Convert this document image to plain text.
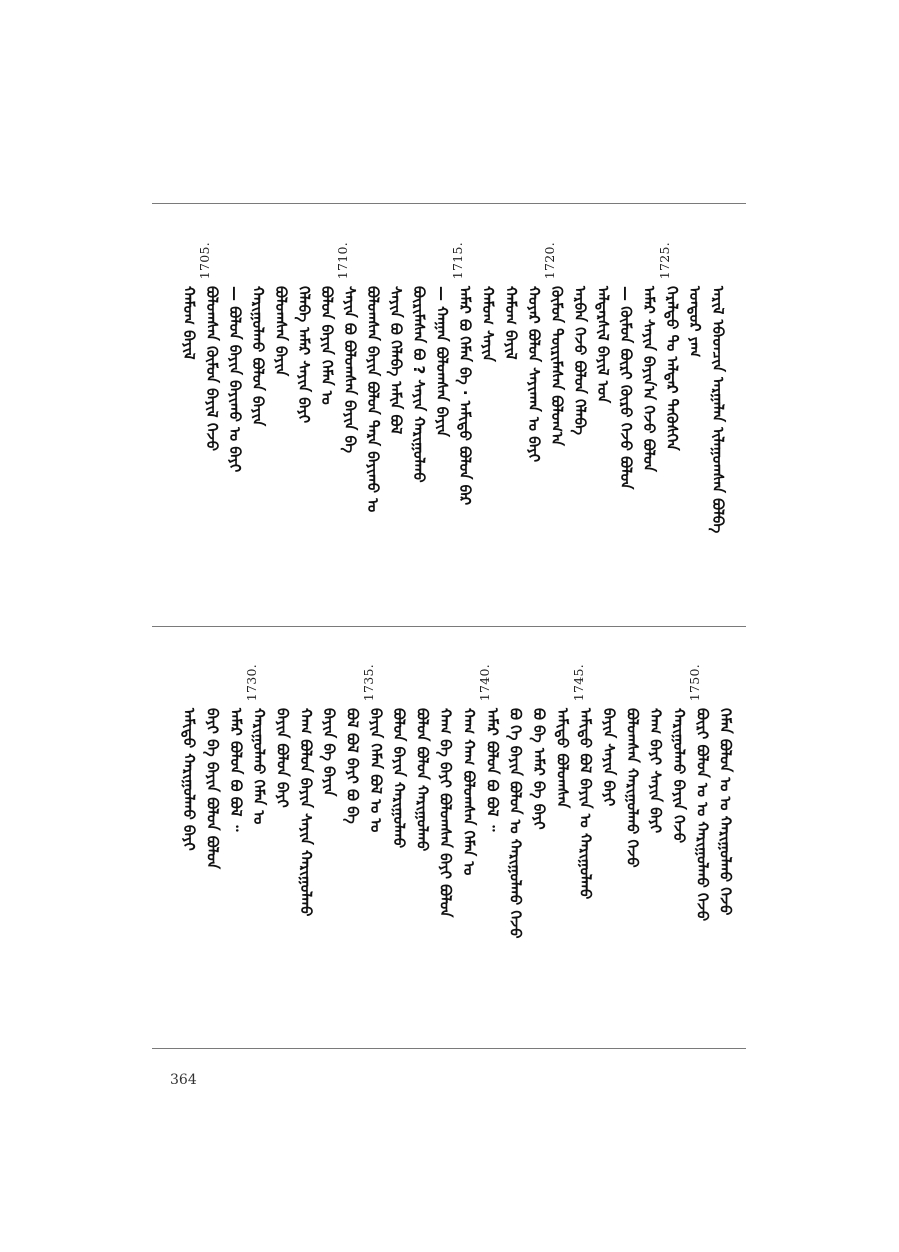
ᠠᠷᠢᠯ ᠡᠪᠡᠳᠴᠢᠨ ᠠᠷᠭᠠᠯᠠᠨ ᠢᠯᠠᠭᠤᠭᠰᠠᠨ ᠪᠣᠯᠪᠠ
ᠤᠨᠳᠤᠷ ᠶᠠᠭ
1725.
ᠭᠡᠷᠡᠯᠲᠦ ᠲᠤ ᠠᠯᠳᠠᠷ ᠲᠡᠭᠦᠰᠬᠡᠨ
ᠠᠮᠠᠷ ᠰᠠᠶᠢᠨ ᠪᠠᠶᠢᠨ᠎ᠠ ᠭᠡᠵᠦ ᠪᠣᠯᠣᠨ
— ᠬᠦᠮᠦᠨ ᠪᠦᠷᠢ ᠬᠦᠷᠦ ᠭᠡᠵᠦ ᠪᠣᠯᠣᠨ
ᠠᠯᠳᠠᠷᠰᠢᠯ ᠪᠠᠶᠢᠯ ᠤᠨ
ᠠᠷᠪᠠᠨ ᠭᠡᠵᠦ ᠪᠣᠯᠣᠨ ᠬᠡᠯᠡᠪᠡ
1720.
ᠬᠦᠮᠦᠨ ᠲᠦᠷᠢᠮᠡᠰᠡᠨ ᠪᠣᠯᠤᠭ᠎ᠠ
ᠬᠣᠶᠠᠷ ᠪᠣᠯᠤᠨ ᠰᠠᠶᠢᠬᠠᠨ ᠤ ᠪᠠᠶᠢ
ᠬᠠᠮᠤᠭ ᠪᠠᠶᠢᠯ
ᠬᠠᠮᠤᠭ ᠰᠠᠶᠢᠨ
1715.
ᠠᠮᠠᠷ ᠪᠣ ᠬᠡᠮᠡᠨ ᠪᠠ · ᠠᠮᠢᠳᠤ ᠪᠣᠯᠣᠨ ᠪᠡᠷ
— ᠬᠠᠭᠠᠨ ᠪᠣᠯᠣᠭᠰᠠᠨ ᠪᠠᠶᠢᠨ
ᠪᠦᠷᠢᠮᠡᠰᠡᠨ ᠪᠣ ? ᠰᠠᠶᠢᠨ ᠬᠠᠷᠢᠭᠤᠯᠬᠤ
ᠰᠠᠶᠢᠨ ᠪᠣ ᠬᠡᠯᠡᠪᠡ ᠠᠮᠢᠨ ᠪᠣᠯ
ᠪᠣᠯᠤᠭᠰᠠᠨ ᠪᠠᠶᠢᠨ ᠪᠣᠯᠣᠨ ᠲᠡᠷᠡ ᠪᠠᠶᠢᠬᠤ ᠤ
1710.
ᠰᠠᠶᠢᠨ ᠪᠣ ᠪᠣᠯᠣᠭᠰᠠᠨ ᠪᠠᠶᠢᠨ ᠪᠠ
ᠪᠣᠯᠤᠨ ᠪᠠᠶᠢᠨ ᠬᠡᠮᠡᠨ ᠤ
ᠬᠡᠯᠡᠪᠡ ᠠᠮᠠᠷ ᠰᠠᠶᠢᠨ ᠪᠠᠶᠢ
ᠪᠣᠯᠣᠭᠰᠠᠨ ᠪᠠᠶᠢᠨ
ᠬᠠᠷᠢᠭᠤᠯᠬᠤ ᠪᠣᠯᠣᠨ ᠪᠠᠶᠢᠨ
— ᠪᠣᠯᠣᠨ ᠪᠠᠶᠢᠨ ᠪᠠᠶᠢᠬᠤ ᠤ ᠪᠠᠶᠢ
1705.
ᠪᠣᠯᠤᠭᠰᠠᠨ ᠬᠦᠮᠦᠨ ᠪᠠᠶᠢᠯ ᠭᠡᠵᠦ
ᠬᠠᠮᠤᠭ ᠪᠠᠶᠢᠯ
ᠬᠡᠮᠡᠨ ᠪᠣᠯᠣᠨ ᠤ ᠤ ᠬᠠᠷᠢᠭᠤᠯᠬᠤ ᠭᠡᠵᠦ
1750.
ᠪᠦᠷᠢ ᠪᠣᠯᠣᠨ ᠤ ᠤ ᠬᠠᠷᠢᠭᠤᠯᠬᠤ ᠭᠡᠵᠦ
ᠬᠠᠷᠢᠭᠤᠯᠬᠤ ᠪᠠᠶᠢᠨ ᠭᠡᠵᠦ
ᠬᠠᠭ ᠪᠠᠶᠢ ᠰᠠᠶᠢᠨ ᠪᠠᠶᠢ
ᠪᠣᠯᠣᠭᠰᠠᠨ ᠬᠠᠷᠢᠭᠤᠯᠬᠤ ᠭᠡᠵᠦ
ᠪᠠᠶᠢᠨ ᠰᠠᠶᠢᠨ ᠪᠠᠶᠢ
1745.
ᠠᠮᠢᠳᠤ ᠪᠣᠯ ᠪᠠᠶᠢᠨ ᠤ ᠬᠠᠷᠢᠭᠤᠯᠬᠤ
ᠠᠮᠢᠳᠤ ᠪᠣᠯᠣᠭᠰᠠᠨ
ᠪᠣ ᠪᠠ ᠠᠮᠠᠷ ᠪᠠ ᠪᠠᠶᠢ
ᠪᠣ ᠭᠡ ᠪᠠᠶᠢᠨ ᠪᠣᠯᠣᠨ ᠤ ᠬᠠᠷᠢᠭᠤᠯᠬᠤ ᠭᠡᠵᠦ
1740.
ᠠᠮᠠᠷ ᠪᠣᠯᠣᠨ ᠪᠣ ᠪᠣᠯ ᠃
ᠬᠠᠭ ᠬᠠᠭ ᠪᠣᠯᠣᠭᠰᠠᠨ ᠬᠡᠮᠡᠨ ᠤ
ᠬᠠᠭ ᠪᠠ ᠪᠠᠶᠢ ᠪᠣᠯᠣᠭᠰᠠᠨ ᠪᠠᠶᠢ ᠪᠣᠯᠣᠨ
ᠪᠣᠯᠤᠨ ᠪᠣᠯᠤᠨ ᠬᠠᠷᠢᠭᠤᠯᠬᠤ
ᠪᠣᠯᠤᠨ ᠪᠠᠶᠢᠨ ᠬᠠᠷᠢᠭᠤᠯᠬᠤ
1735.
ᠪᠠᠶᠢᠨ ᠬᠡᠮᠡᠨ ᠪᠣᠯ ᠤ ᠤ
ᠪᠣᠯ ᠪᠣᠯ ᠪᠠᠶᠢ ᠪᠣ ᠪᠠ
ᠪᠠᠶᠢᠨ ᠪᠠ ᠪᠠᠶᠢᠨ
ᠬᠠᠭ ᠪᠣᠯᠣᠨ ᠪᠠᠶᠢᠨ ᠰᠠᠶᠢᠨ ᠬᠠᠷᠢᠭᠤᠯᠬᠤ
ᠪᠠᠶᠢᠨ ᠪᠣᠯᠣᠨ ᠪᠠᠶᠢ
1730.
ᠬᠠᠷᠢᠭᠤᠯᠬᠤ ᠬᠡᠮᠡᠨ ᠤ
ᠠᠮᠠᠷ ᠪᠣᠯᠣᠨ ᠪᠣ ᠪᠣᠯ ᠃
ᠪᠠᠶᠢ ᠪᠠ ᠪᠠᠶᠢᠨ ᠪᠣᠯᠣᠨ ᠪᠣᠯᠣᠨ
ᠠᠮᠢᠳᠤ ᠬᠠᠷᠢᠭᠤᠯᠬᠤ ᠪᠠᠶᠢ
364
